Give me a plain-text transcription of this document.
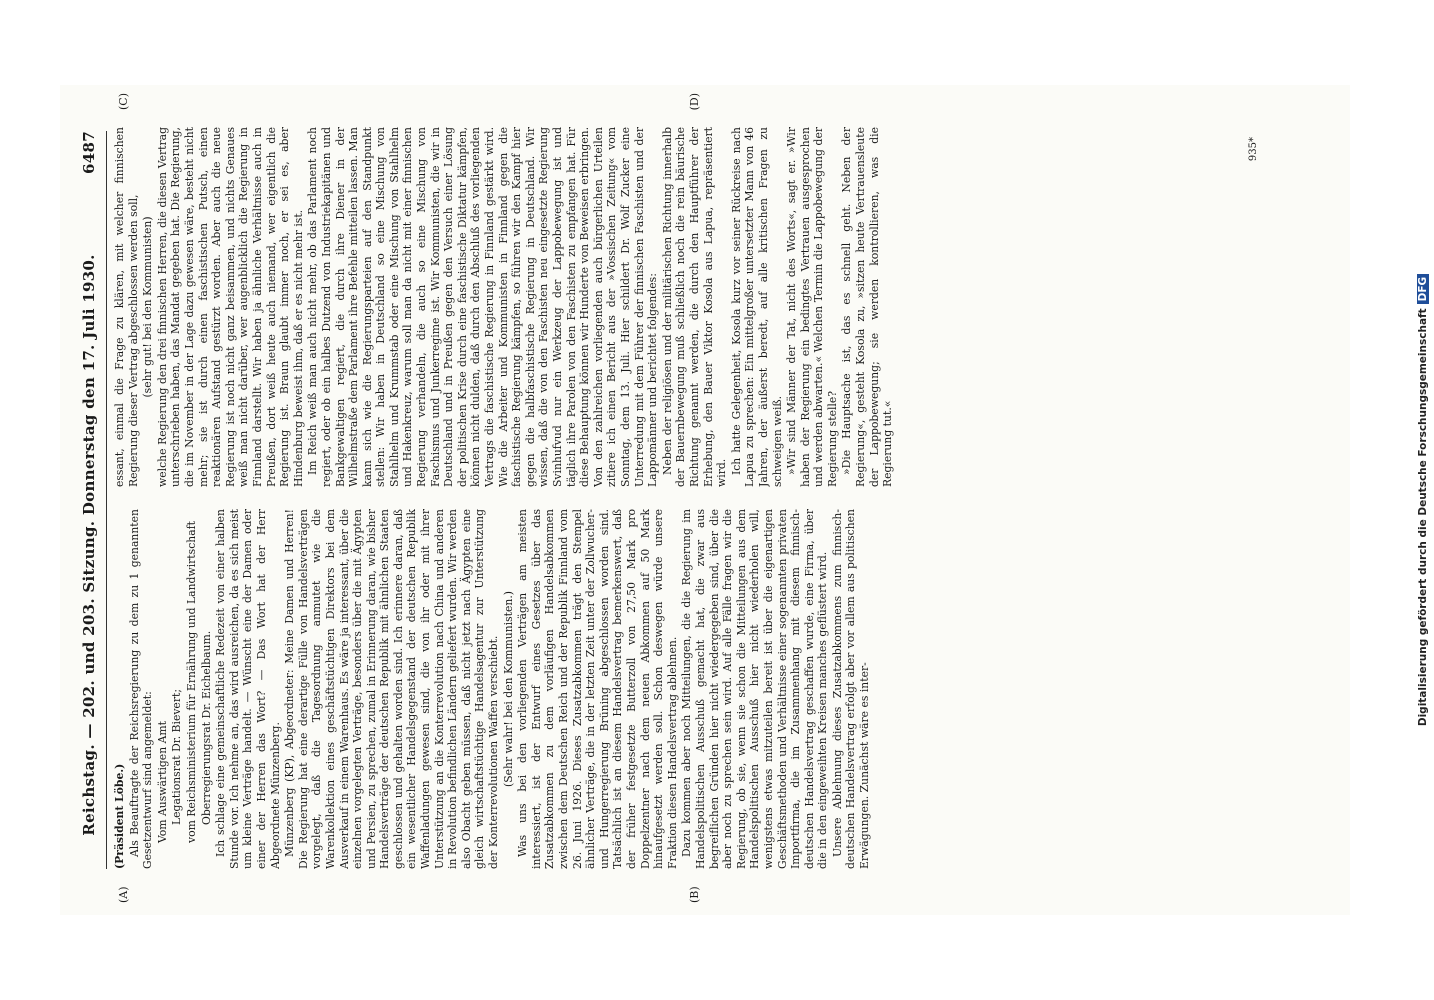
Reichstag. — 202. und 203. Sitzung. Donnerstag den 17. Juli 1930.
6487

(Präsident Löbe.) Als Beauftragte der Reichsregierung zu dem zu 1 genannten Gesetzentwurf sind angemeldet: Vom Auswärtigen Amt Legationsrat Dr. Bievert; vom Reichsministerium für Ernährung und Landwirtschaft Oberregierungsrat Dr. Eichelbaum. Ich schlage eine gemeinschaftliche Redezeit von einer halben Stunde vor. Ich nehme an, das wird ausreichen, da es sich meist um kleine Verträge handelt. — Wünscht eine der Damen oder einer der Herren das Wort? — Das Wort hat der Herr Abgeordnete Münzenberg. Münzenberg (KP), Abgeordneter: Meine Damen und Herren! Die Regierung hat eine derartige Fülle von Handelsverträgen vorgelegt, daß die Tagesordnung anmutet wie die Warenkollektion eines geschäftstüchtigen Direktors bei dem Ausverkauf in einem Warenhaus. Es wäre ja interessant, über die einzelnen vorgelegten Verträge, besonders über die mit Ägypten und Persien, zu sprechen, zumal in Erinnerung daran, wie bisher Handelsverträge der deutschen Republik mit ähnlichen Staaten geschlossen und gehalten worden sind. Ich erinnere daran, daß ein wesentlicher Handelsgegenstand der deutschen Republik Waffenladungen gewesen sind, die von ihr oder mit ihrer Unterstützung an die Konterrevolution nach China und anderen in Revolution befindlichen Ländern geliefert wurden. Wir werden also Obacht geben müssen, daß nicht jetzt nach Ägypten eine gleich wirtschaftstüchtige Handelsagentur zur Unterstützung der Konterrevolutionen Waffen verschiebt. (Sehr wahr! bei den Kommunisten.) Was uns bei den vorliegenden Verträgen am meisten interessiert, ist der Entwurf eines Gesetzes über das Zusatzabkommen zu dem vorläufigen Handelsabkommen zwischen dem Deutschen Reich und der Republik Finnland vom 26. Juni 1926. Dieses Zusatzabkommen trägt den Stempel ähnlicher Verträge, die in der letzten Zeit unter der Zollwucher- und Hungerregierung Brüning abgeschlossen worden sind. Tatsächlich ist an diesem Handelsvertrag bemerkenswert, daß der früher festgesetzte Butterzoll von 27,50 Mark pro Doppelzentner nach dem neuen Abkommen auf 50 Mark hinaufgesetzt werden soll. Schon deswegen würde unsere Fraktion diesen Handelsvertrag ablehnen. Dazu kommen aber noch Mitteilungen, die die Regierung im Handelspolitischen Ausschuß gemacht hat, die zwar aus begreiflichen Gründen hier nicht wiedergegeben sind, über die aber noch zu sprechen sein wird. Auf alle Fälle fragen wir die Regierung, ob sie, wenn sie schon die Mitteilungen aus dem Handelspolitischen Ausschuß hier nicht wiederholen will, wenigstens etwas mitzuteilen bereit ist über die eigenartigen Geschäftsmethoden und Verhältnisse einer sogenannten privaten Importfirma, die im Zusammenhang mit diesem finnisch-deutschen Handelsvertrag geschaffen wurde, eine Firma, über die in den eingeweihten Kreisen manches geflüstert wird. Unsere Ablehnung dieses Zusatzabkommens zum finnisch-deutschen Handelsvertrag erfolgt aber vor allem aus politischen Erwägungen. Zunächst wäre es inter-

essant, einmal die Frage zu klären, mit welcher finnischen Regierung dieser Vertrag abgeschlossen werden soll, (sehr gut! bei den Kommunisten) welche Regierung den drei finnischen Herren, die diesen Vertrag unterschrieben haben, das Mandat gegeben hat. Die Regierung, die im November in der Lage dazu gewesen wäre, besteht nicht mehr; sie ist durch einen faschistischen Putsch, einen reaktionären Aufstand gestürzt worden. Aber auch die neue Regierung ist noch nicht ganz beisammen, und nichts Genaues weiß man nicht darüber, wer augenblicklich die Regierung in Finnland darstellt. Wir haben ja ähnliche Verhältnisse auch in Preußen, dort weiß heute auch niemand, wer eigentlich die Regierung ist. Braun glaubt immer noch, er sei es, aber Hindenburg beweist ihm, daß er es nicht mehr ist. Im Reich weiß man auch nicht mehr, ob das Parlament noch regiert, oder ob ein halbes Dutzend von Industriekapitänen und Bankgewaltigen regiert, die durch ihre Diener in der Wilhelmstraße dem Parlament ihre Befehle mitteilen lassen. Man kann sich wie die Regierungsparteien auf den Standpunkt stellen: Wir haben in Deutschland so eine Mischung von Stahlhelm und Krummstab oder eine Mischung von Stahlhelm und Hakenkreuz, warum soll man da nicht mit einer finnischen Regierung verhandeln, die auch so eine Mischung von Faschismus und Junkerregime ist. Wir Kommunisten, die wir in Deutschland und in Preußen gegen den Versuch einer Lösung der politischen Krise durch eine faschistische Diktatur kämpfen, können nicht dulden, daß durch den Abschluß des vorliegenden Vertrags die faschistische Regierung in Finnland gestärkt wird. Wie die Arbeiter und Kommunisten in Finnland gegen die faschistische Regierung kämpfen, so führen wir den Kampf hier gegen die halbfaschistische Regierung in Deutschland. Wir wissen, daß die von den Faschisten neu eingesetzte Regierung Svinhufvud nur ein Werkzeug der Lappobewegung ist und täglich ihre Parolen von den Faschisten zu empfangen hat. Für diese Behauptung können wir Hunderte von Beweisen erbringen. Von den zahlreichen vorliegenden auch bürgerlichen Urteilen zitiere ich einen Bericht aus der »Vossischen Zeitung« vom Sonntag, dem 13. Juli. Hier schildert Dr. Wolf Zucker eine Unterredung mit dem Führer der finnischen Faschisten und der Lappomänner und berichtet folgendes: Neben der religiösen und der militärischen Richtung innerhalb der Bauernbewegung muß schließlich noch die rein bäurische Richtung genannt werden, die durch den Hauptführer der Erhebung, den Bauer Viktor Kosola aus Lapua, repräsentiert wird. Ich hatte Gelegenheit, Kosola kurz vor seiner Rückreise nach Lapua zu sprechen: Ein mittelgroßer untersetzter Mann von 46 Jahren, der äußerst beredt, auf alle kritischen Fragen zu schweigen weiß. »Wir sind Männer der Tat, nicht des Worts«, sagt er. »Wir haben der Regierung ein bedingtes Vertrauen ausgesprochen und werden abwarten.« Welchen Termin die Lappobewegung der Regierung stelle? »Die Hauptsache ist, das es schnell geht. Neben der Regierung«, gesteht Kosola zu, »sitzen heute Vertrauensleute der Lappobewegung; sie werden kontrollieren, was die Regierung tut.«

(A)	(B)
(C)	(D)
935*
Digitalisierung gefördert durch die Deutsche ForschungsgemeinschaftDFG
